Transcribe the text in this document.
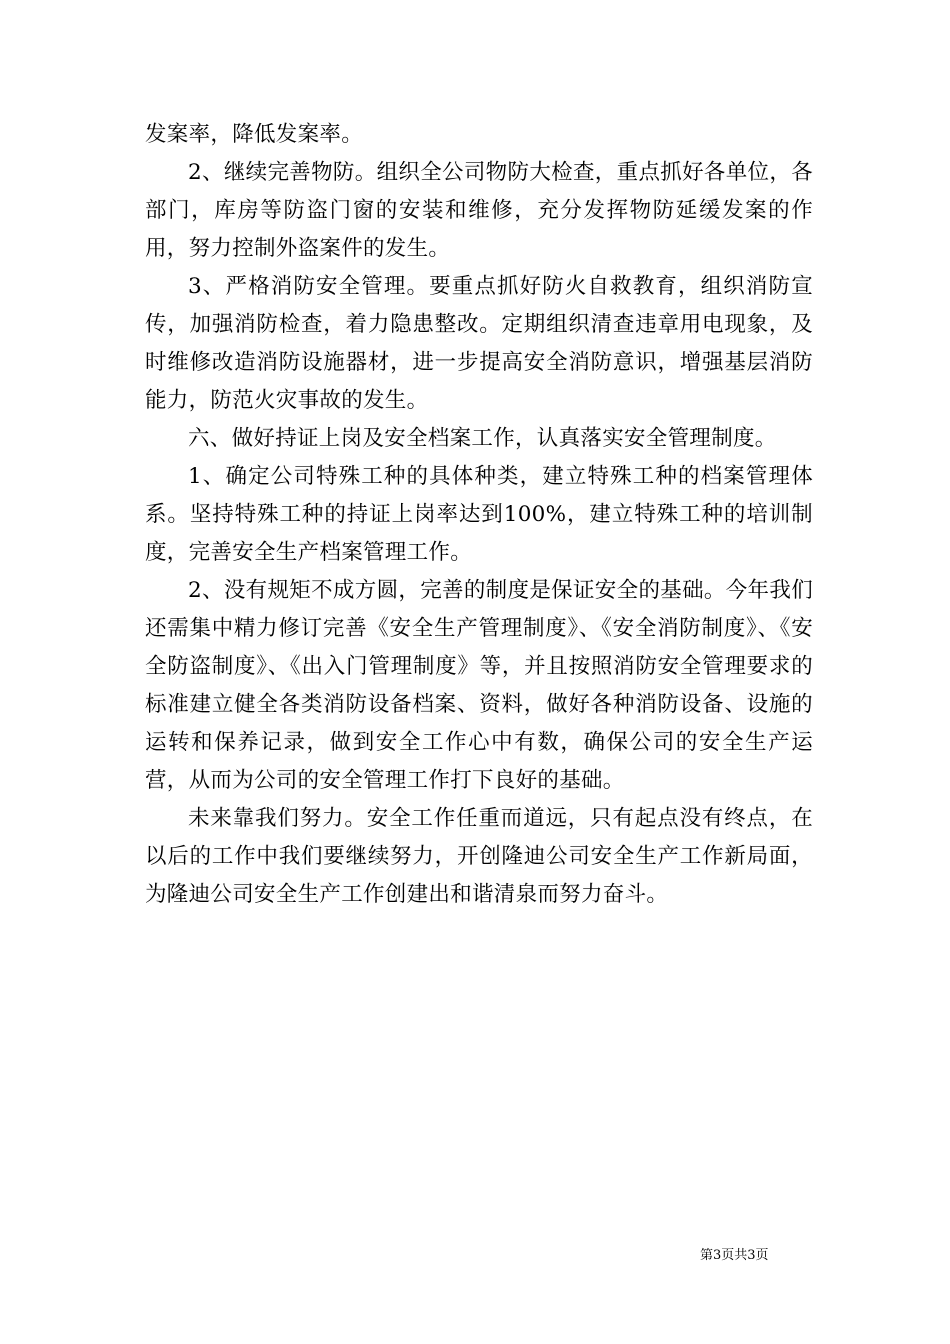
发案率，降低发案率。

2、继续完善物防。组织全公司物防大检查，重点抓好各单位，各部门，库房等防盗门窗的安装和维修，充分发挥物防延缓发案的作用，努力控制外盗案件的发生。

3、严格消防安全管理。要重点抓好防火自救教育，组织消防宣传，加强消防检查，着力隐患整改。定期组织清查违章用电现象，及时维修改造消防设施器材，进一步提高安全消防意识，增强基层消防能力，防范火灾事故的发生。

六、做好持证上岗及安全档案工作，认真落实安全管理制度。

1、确定公司特殊工种的具体种类，建立特殊工种的档案管理体系。坚持特殊工种的持证上岗率达到100%，建立特殊工种的培训制度，完善安全生产档案管理工作。

2、没有规矩不成方圆，完善的制度是保证安全的基础。今年我们还需集中精力修订完善《安全生产管理制度》、《安全消防制度》、《安全防盗制度》、《出入门管理制度》等，并且按照消防安全管理要求的标准建立健全各类消防设备档案、资料，做好各种消防设备、设施的运转和保养记录，做到安全工作心中有数，确保公司的安全生产运营，从而为公司的安全管理工作打下良好的基础。

未来靠我们努力。安全工作任重而道远，只有起点没有终点，在以后的工作中我们要继续努力，开创隆迪公司安全生产工作新局面，为隆迪公司安全生产工作创建出和谐清泉而努力奋斗。

第3页共3页
